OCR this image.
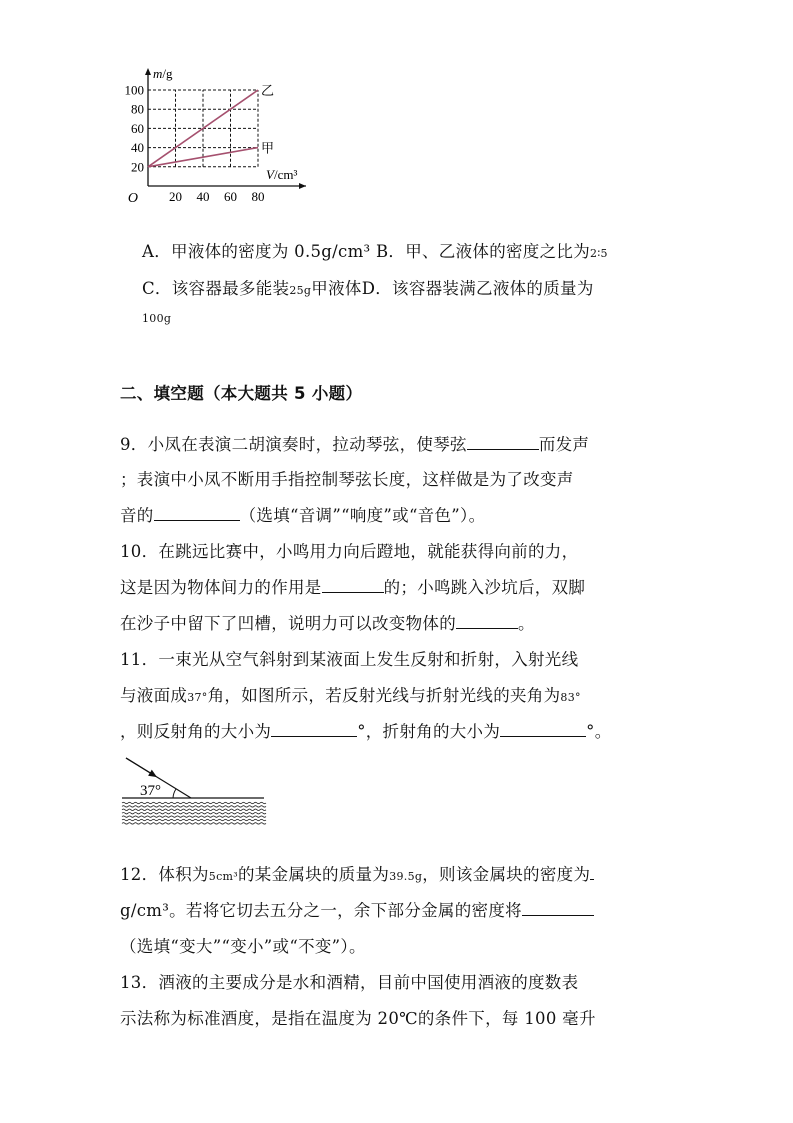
乙
甲
20 40 60 80
20
40
60
80
100
O
m/g
V/cm³
A．甲液体的密度为 0.5g/cm³ B．甲、乙液体的密度之比为2∶5
C．该容器最多能装25g甲液体D．该容器装满乙液体的质量为
100g
二、填空题（本大题共 5 小题）
9．小凤在表演二胡演奏时，拉动琴弦，使琴弦	而发声
；表演中小凤不断用手指控制琴弦长度，这样做是为了改变声
音的	（选填“音调”“响度”或“音色”）。
10．在跳远比赛中，小鸣用力向后蹬地，就能获得向前的力，
这是因为物体间力的作用是	的；小鸣跳入沙坑后，双脚
在沙子中留下了凹槽，说明力可以改变物体的	。
11．一束光从空气斜射到某液面上发生反射和折射，入射光线
与液面成37°角，如图所示，若反射光线与折射光线的夹角为83°
，则反射角的大小为	°，折射角的大小为	°。
37°
12．体积为5cm³的某金属块的质量为39.5g，则该金属块的密度为
g/cm³。若将它切去五分之一，余下部分金属的密度将
（选填“变大”“变小”或“不变”）。
13．酒液的主要成分是水和酒精，目前中国使用酒液的度数表
示法称为标准酒度，是指在温度为 20℃的条件下，每 100 毫升
